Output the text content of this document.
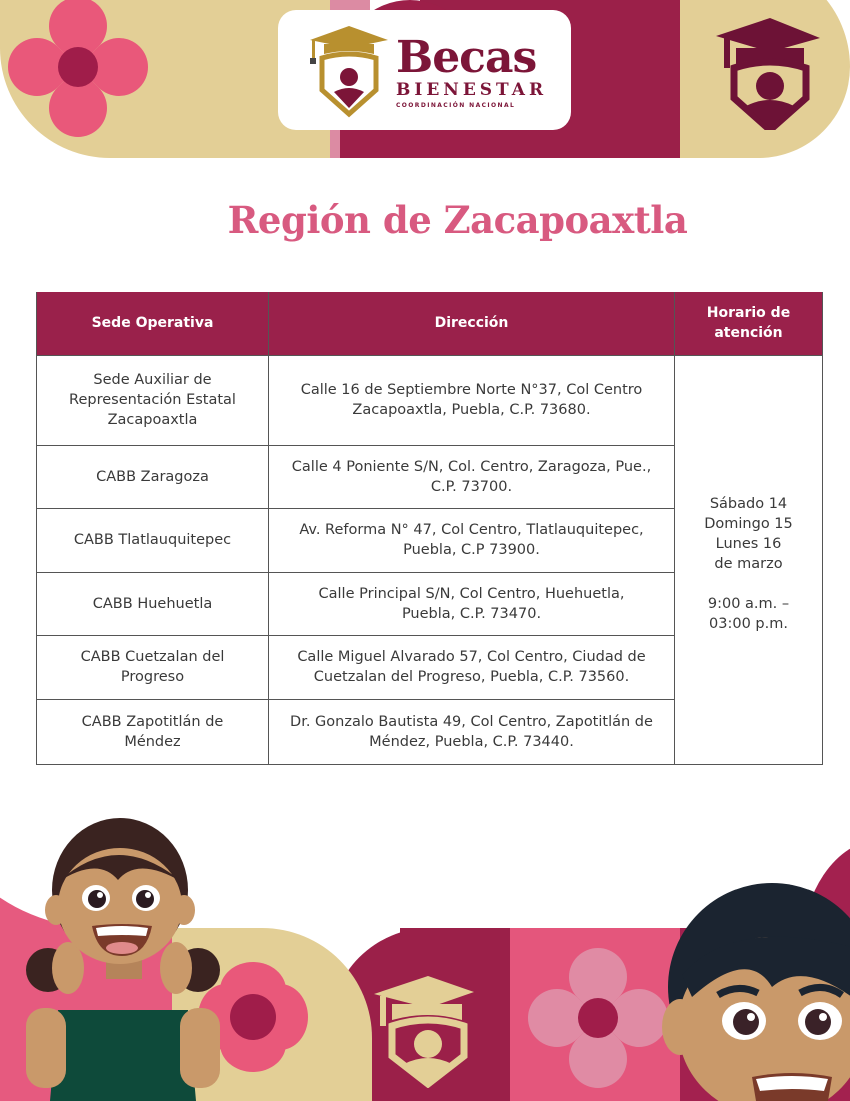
Becas
BIENESTAR
COORDINACIÓN NACIONAL
Región de Zacapoaxtla
Sede Operativa	Dirección	Horario de atención
Sede Auxiliar de Representación Estatal Zacapoaxtla	Calle 16 de Septiembre Norte N°37, Col Centro Zacapoaxtla, Puebla, C.P. 73680.	
Sábado 14
Domingo 15
Lunes 16
de marzo
9:00 a.m. –
03:00 p.m.

CABB Zaragoza	Calle 4 Poniente S/N, Col. Centro, Zaragoza, Pue., C.P. 73700.	
CABB Tlatlauquitepec	Av. Reforma N° 47, Col Centro, Tlatlauquitepec, Puebla, C.P 73900.	
CABB Huehuetla	Calle Principal S/N, Col Centro, Huehuetla, Puebla, C.P. 73470.	
CABB Cuetzalan del Progreso	Calle Miguel Alvarado 57, Col Centro, Ciudad de Cuetzalan del Progreso, Puebla, C.P. 73560.	
CABB Zapotitlán de Méndez	Dr. Gonzalo Bautista 49, Col Centro, Zapotitlán de Méndez, Puebla, C.P. 73440.	
